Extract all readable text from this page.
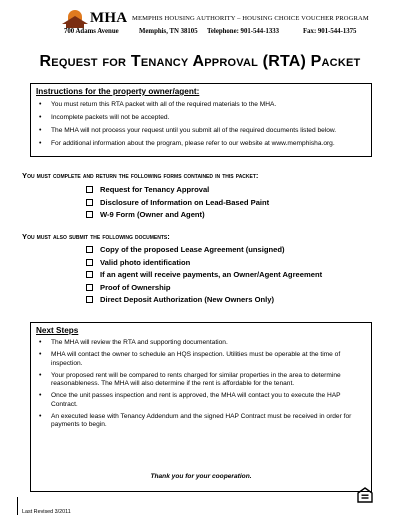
MHA MEMPHIS HOUSING AUTHORITY – HOUSING CHOICE VOUCHER PROGRAM
700 Adams Avenue	Memphis, TN 38105 Telephone: 901-544-1333	Fax: 901-544-1375
Request for Tenancy Approval (RTA) Packet
Instructions for the property owner/agent:
• You must return this RTA packet with all of the required materials to the MHA.
• Incomplete packets will not be accepted.
• The MHA will not process your request until you submit all of the required documents listed below.
• For additional information about the program, please refer to our website at www.memphisha.org.
You must complete and return the following forms contained in this packet:
Request for Tenancy Approval
Disclosure of Information on Lead-Based Paint
W-9 Form (Owner and Agent)
You must also submit the following documents:
Copy of the proposed Lease Agreement (unsigned)
Valid photo identification
If an agent will receive payments, an Owner/Agent Agreement
Proof of Ownership
Direct Deposit Authorization (New Owners Only)
Next Steps
• The MHA will review the RTA and supporting documentation.
• MHA will contact the owner to schedule an HQS inspection. Utilities must be operable at the time of inspection.
• Your proposed rent will be compared to rents charged for similar properties in the area to determine reasonableness. The MHA will also determine if the rent is affordable for the tenant.
• Once the unit passes inspection and rent is approved, the MHA will contact you to execute the HAP Contract.
• An executed lease with Tenancy Addendum and the signed HAP Contract must be received in order for payments to begin.
Thank you for your cooperation.
Last Revised 3/2011
